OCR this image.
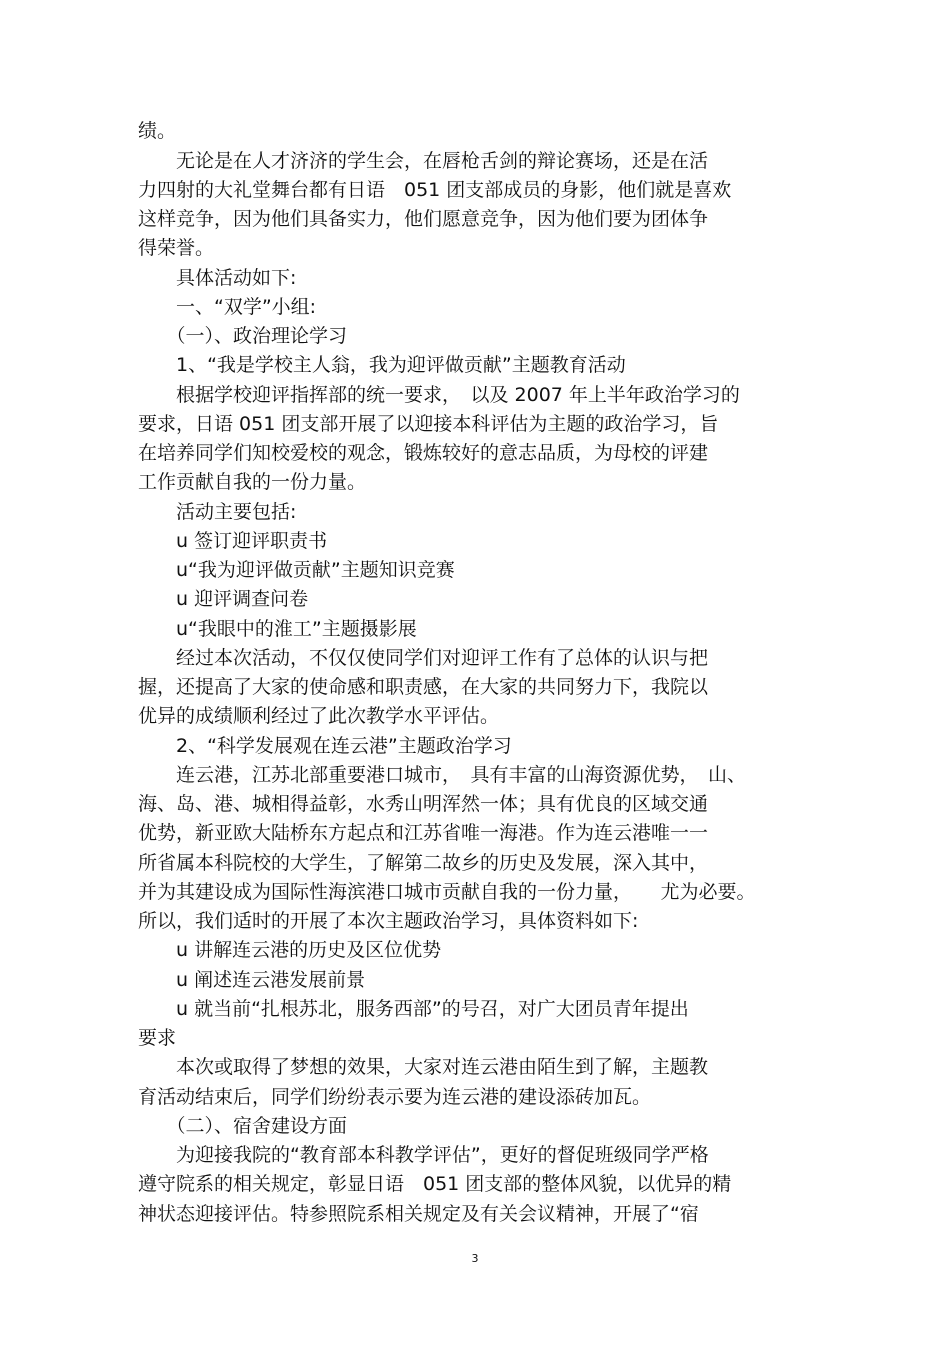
绩。
　　无论是在人才济济的学生会，在唇枪舌剑的辩论赛场，还是在活
力四射的大礼堂舞台都有日语　051 团支部成员的身影，他们就是喜欢
这样竞争，因为他们具备实力，他们愿意竞争，因为他们要为团体争
得荣誉。
　　具体活动如下:
　　一、“双学”小组:
　　（一）、政治理论学习
　　1、“我是学校主人翁，我为迎评做贡献”主题教育活动
　　根据学校迎评指挥部的统一要求，　以及 2007 年上半年政治学习的
要求，日语 051 团支部开展了以迎接本科评估为主题的政治学习，旨
在培养同学们知校爱校的观念，锻炼较好的意志品质，为母校的评建
工作贡献自我的一份力量。
　　活动主要包括:
　　u 签订迎评职责书
　　u“我为迎评做贡献”主题知识竞赛
　　u 迎评调查问卷
　　u“我眼中的淮工”主题摄影展
　　经过本次活动，不仅仅使同学们对迎评工作有了总体的认识与把
握，还提高了大家的使命感和职责感，在大家的共同努力下，我院以
优异的成绩顺利经过了此次教学水平评估。
　　2、“科学发展观在连云港”主题政治学习
　　连云港，江苏北部重要港口城市，　具有丰富的山海资源优势，　山、
海、岛、港、城相得益彰，水秀山明浑然一体；具有优良的区域交通
优势，新亚欧大陆桥东方起点和江苏省唯一海港。作为连云港唯一一
所省属本科院校的大学生，了解第二故乡的历史及发展，深入其中，
并为其建设成为国际性海滨港口城市贡献自我的一份力量，　　尤为必要。
所以，我们适时的开展了本次主题政治学习，具体资料如下:
　　u 讲解连云港的历史及区位优势
　　u 阐述连云港发展前景
　　u 就当前“扎根苏北，服务西部”的号召，对广大团员青年提出
要求
　　本次或取得了梦想的效果，大家对连云港由陌生到了解，主题教
育活动结束后，同学们纷纷表示要为连云港的建设添砖加瓦。
　　（二）、宿舍建设方面
　　为迎接我院的“教育部本科教学评估”，更好的督促班级同学严格
遵守院系的相关规定，彰显日语　051 团支部的整体风貌，以优异的精
神状态迎接评估。特参照院系相关规定及有关会议精神，开展了“宿
3
